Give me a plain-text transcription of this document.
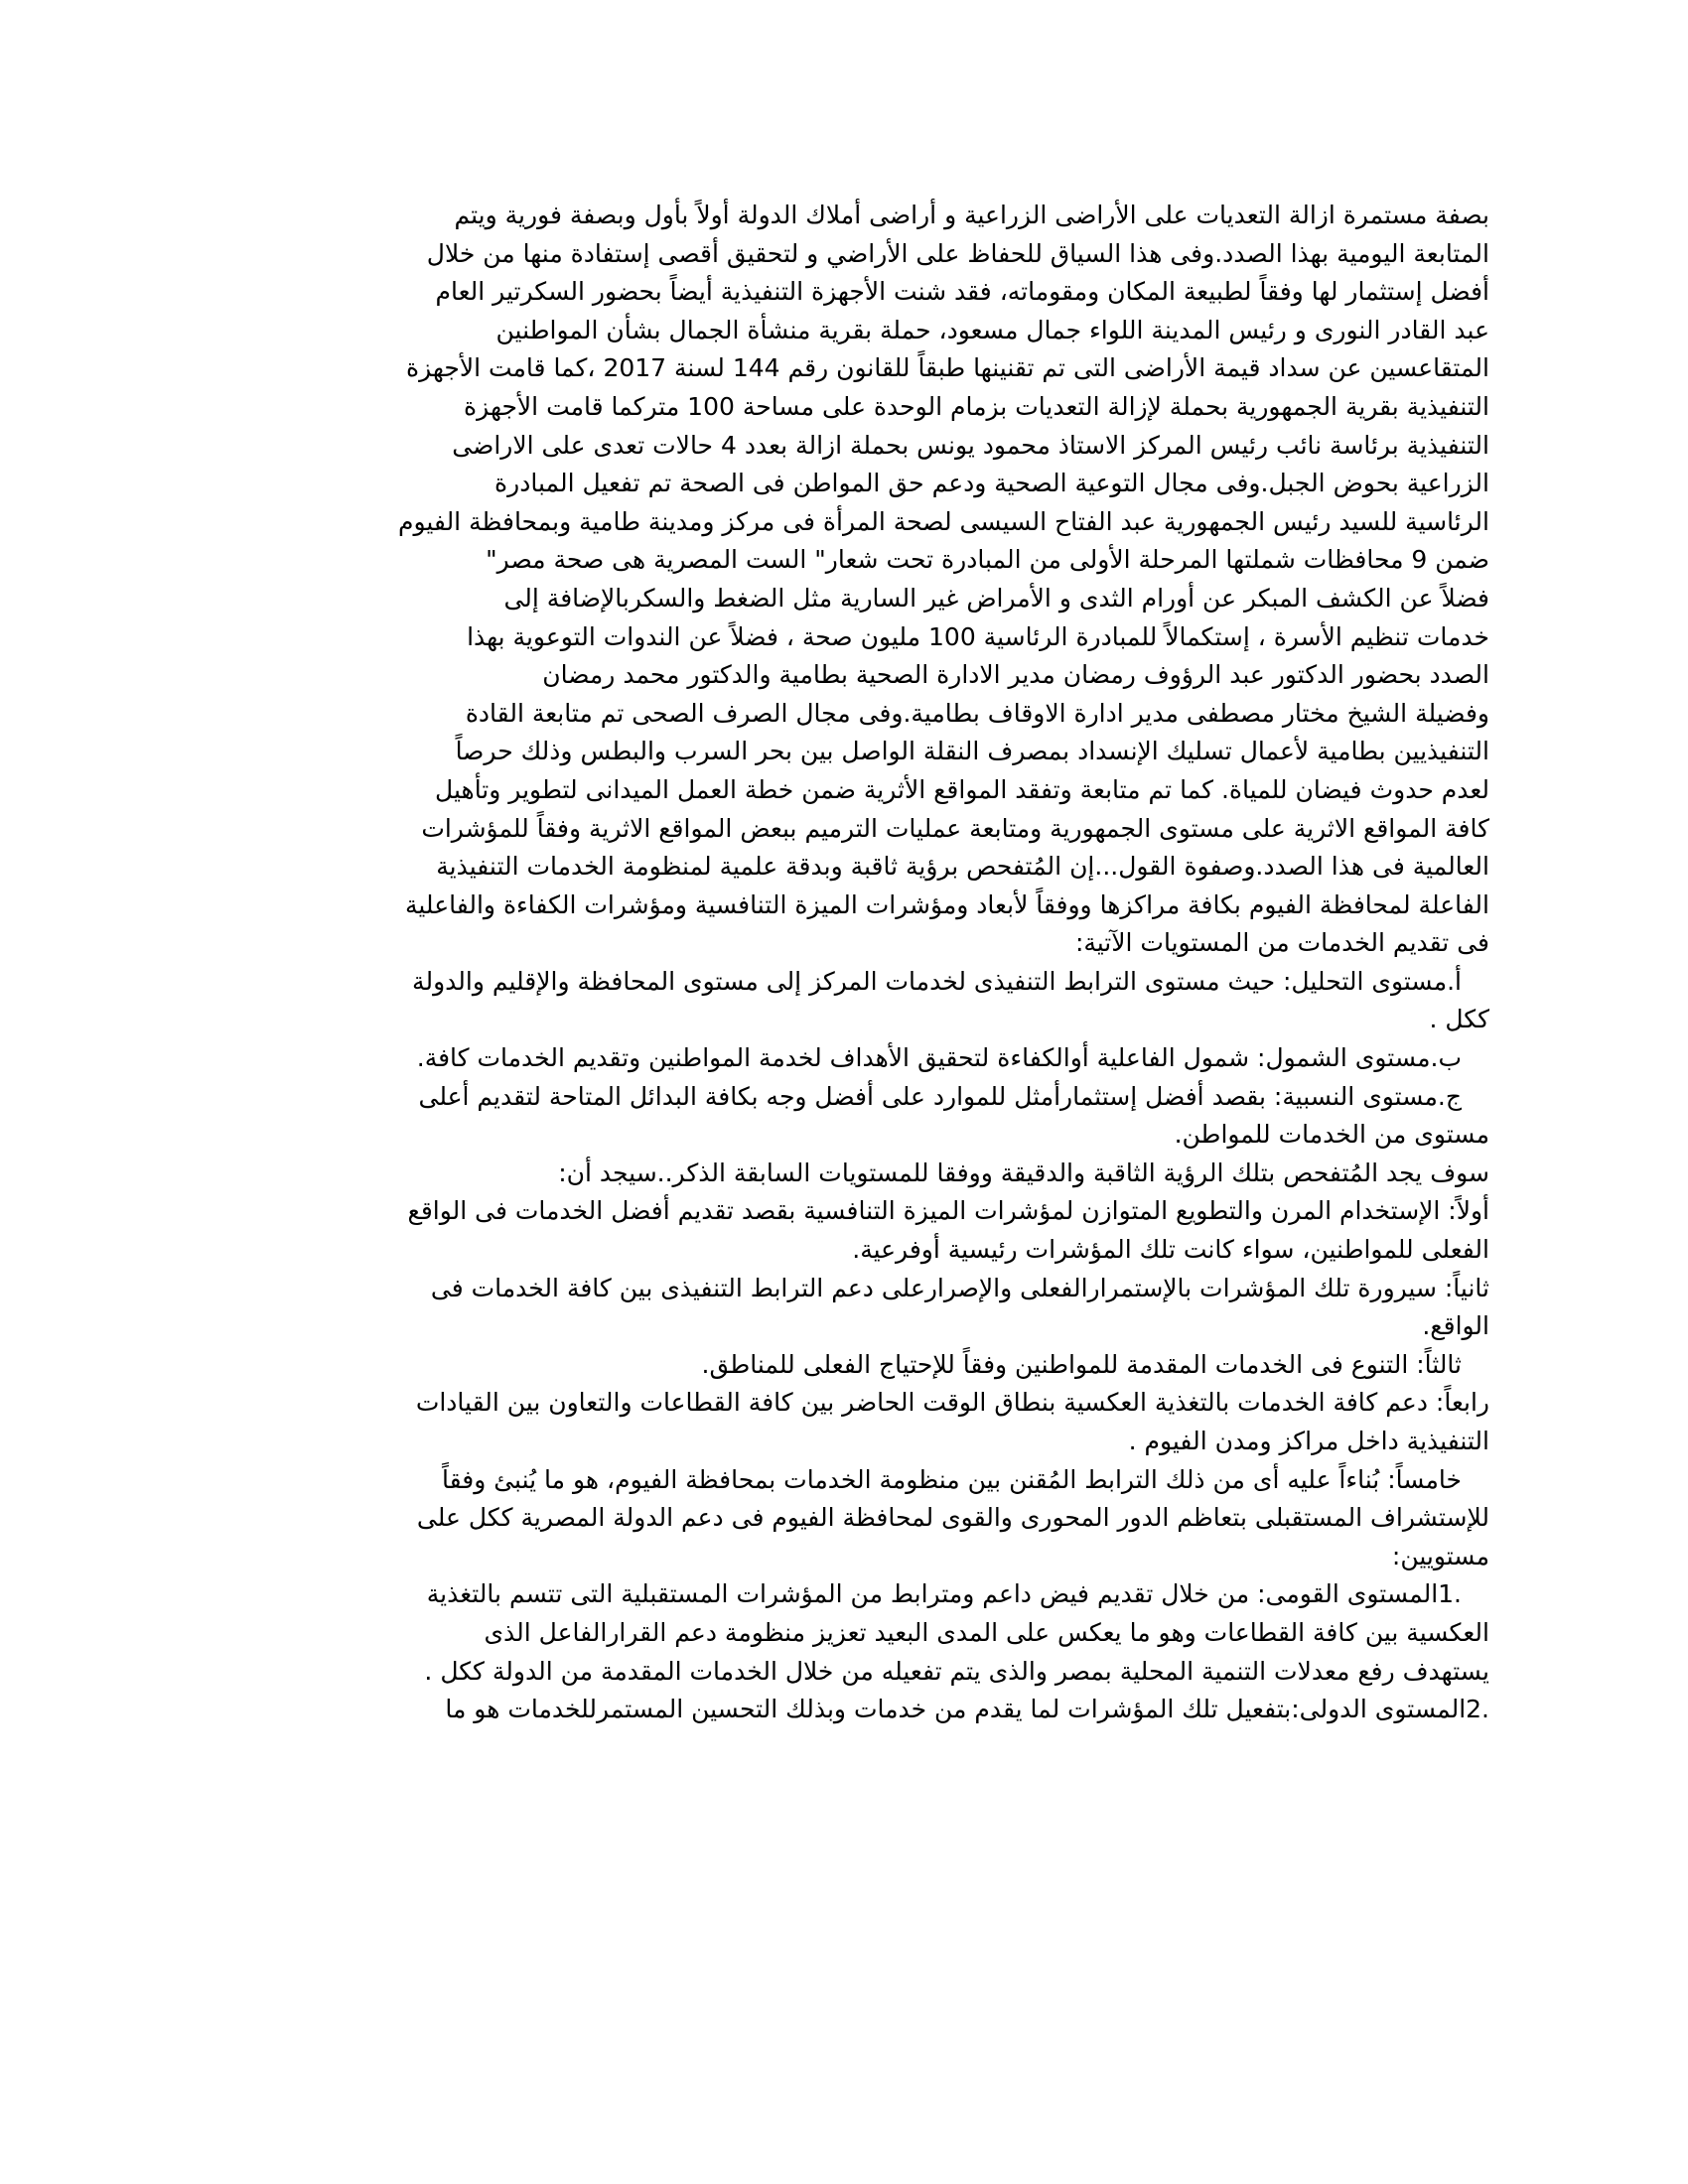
بصفة مستمرة ازالة التعديات على الأراضى الزراعية و أراضى أملاك الدولة أولاً بأول وبصفة فورية ويتم
المتابعة اليومية بهذا الصدد.وفى هذا السياق للحفاظ على الأراضي و لتحقيق أقصى إستفادة منها من خلال
أفضل إستثمار لها وفقاً لطبيعة المكان ومقوماته، فقد شنت الأجهزة التنفيذية أيضاً بحضور السكرتير العام
عبد القادر النورى و رئيس المدينة اللواء جمال مسعود، حملة بقرية منشأة الجمال بشأن المواطنين
المتقاعسين عن سداد قيمة الأراضى التى تم تقنينها طبقاً للقانون رقم 144 لسنة 2017 ،كما قامت الأجهزة
التنفيذية بقرية الجمهورية بحملة لإزالة التعديات بزمام الوحدة على مساحة 100 متركما قامت الأجهزة
التنفيذية برئاسة نائب رئيس المركز الاستاذ محمود يونس بحملة ازالة بعدد 4 حالات تعدى على الاراضى
الزراعية بحوض الجبل.وفى مجال التوعية الصحية ودعم حق المواطن فى الصحة تم تفعيل المبادرة
الرئاسية للسيد رئيس الجمهورية عبد الفتاح السيسى لصحة المرأة فى مركز ومدينة طامية وبمحافظة الفيوم
ضمن 9 محافظات شملتها المرحلة الأولى من المبادرة تحت شعار" الست المصرية هى صحة مصر"
فضلاً عن الكشف المبكر عن أورام الثدى و الأمراض غير السارية مثل الضغط والسكربالإضافة إلى
خدمات تنظيم الأسرة ، إستكمالاً للمبادرة الرئاسية 100 مليون صحة ، فضلاً عن الندوات التوعوية بهذا
الصدد بحضور الدكتور عبد الرؤوف رمضان مدير الادارة الصحية بطامية والدكتور محمد رمضان
وفضيلة الشيخ مختار مصطفى مدير ادارة الاوقاف بطامية.وفى مجال الصرف الصحى تم متابعة القادة
التنفيذيين بطامية لأعمال تسليك الإنسداد بمصرف النقلة الواصل بين بحر السرب والبطس وذلك حرصاً
لعدم حدوث فيضان للمياة. كما تم متابعة وتفقد المواقع الأثرية ضمن خطة العمل الميدانى لتطوير وتأهيل
كافة المواقع الاثرية على مستوى الجمهورية ومتابعة عمليات الترميم ببعض المواقع الاثرية وفقاً للمؤشرات
العالمية فى هذا الصدد.وصفوة القول...إن المُتفحص برؤية ثاقبة وبدقة علمية لمنظومة الخدمات التنفيذية
الفاعلة لمحافظة الفيوم بكافة مراكزها ووفقاً لأبعاد ومؤشرات الميزة التنافسية ومؤشرات الكفاءة والفاعلية
فى تقديم الخدمات من المستويات الآتية:
أ.مستوى التحليل: حيث مستوى الترابط التنفيذى لخدمات المركز إلى مستوى المحافظة والإقليم والدولة
ككل .
ب.مستوى الشمول: شمول الفاعلية أوالكفاءة لتحقيق الأهداف لخدمة المواطنين وتقديم الخدمات كافة.
ج.مستوى النسبية: بقصد أفضل إستثمارأمثل للموارد على أفضل وجه بكافة البدائل المتاحة لتقديم أعلى
مستوى من الخدمات للمواطن.
سوف يجد المُتفحص بتلك الرؤية الثاقبة والدقيقة ووفقا للمستويات السابقة الذكر..سيجد أن:
أولاً: الإستخدام المرن والتطويع المتوازن لمؤشرات الميزة التنافسية بقصد تقديم أفضل الخدمات فى الواقع
الفعلى للمواطنين، سواء كانت تلك المؤشرات رئيسية أوفرعية.
ثانياً: سيرورة تلك المؤشرات بالإستمرارالفعلى والإصرارعلى دعم الترابط التنفيذى بين كافة الخدمات فى
الواقع.
ثالثاً: التنوع فى الخدمات المقدمة للمواطنين وفقاً للإحتياج الفعلى للمناطق.
رابعاً: دعم كافة الخدمات بالتغذية العكسية بنطاق الوقت الحاضر بين كافة القطاعات والتعاون بين القيادات
التنفيذية داخل مراكز ومدن الفيوم .
خامساً: بُناءاً عليه أى من ذلك الترابط المُقنن بين منظومة الخدمات بمحافظة الفيوم، هو ما يُنبئ وفقاً
للإستشراف المستقبلى بتعاظم الدور المحورى والقوى لمحافظة الفيوم فى دعم الدولة المصرية ككل على
مستويين:
.1المستوى القومى: من خلال تقديم فيض داعم ومترابط من المؤشرات المستقبلية التى تتسم بالتغذية
العكسية بين كافة القطاعات وهو ما يعكس على المدى البعيد تعزيز منظومة دعم القرارالفاعل الذى
يستهدف رفع معدلات التنمية المحلية بمصر والذى يتم تفعيله من خلال الخدمات المقدمة من الدولة ككل .
.2المستوى الدولى:بتفعيل تلك المؤشرات لما يقدم من خدمات وبذلك التحسين المستمرللخدمات هو ما
